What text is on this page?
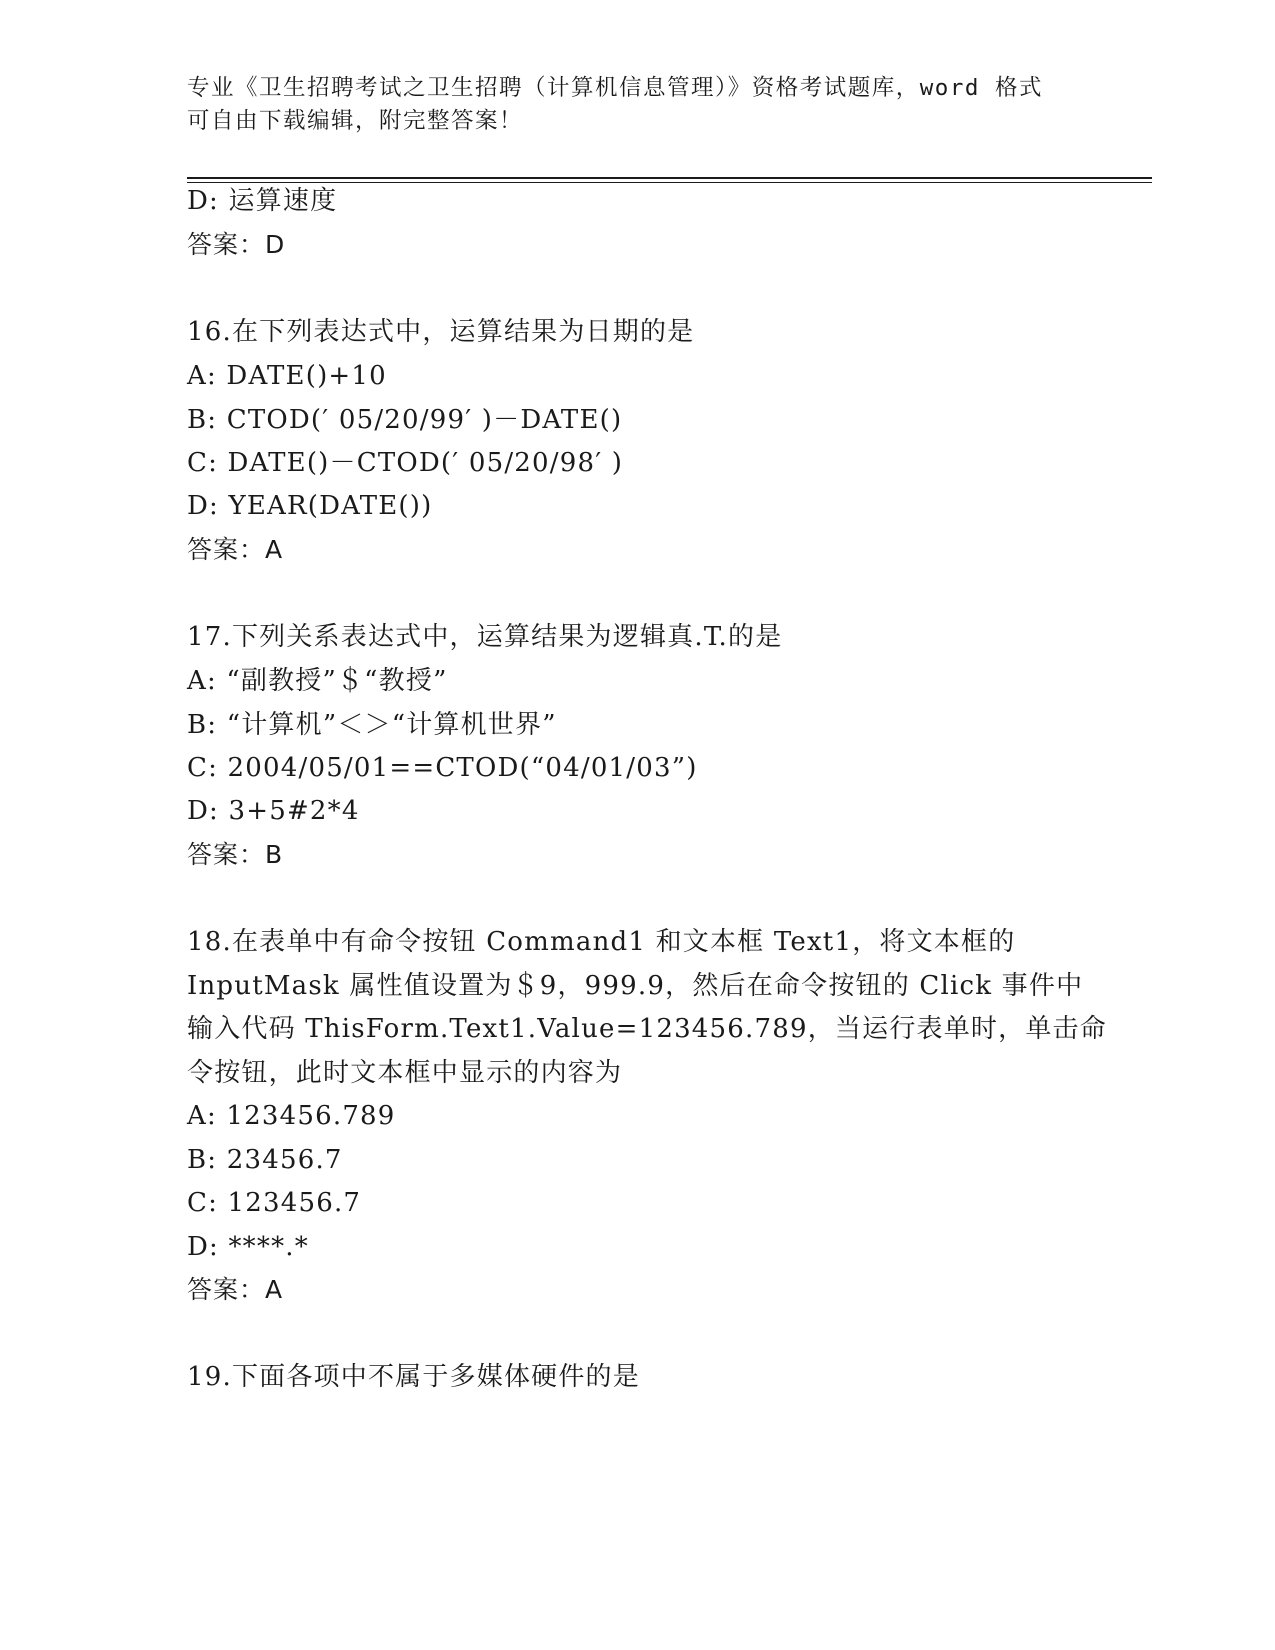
专业《卫生招聘考试之卫生招聘（计算机信息管理）》资格考试题库，word 格式

可自由下载编辑，附完整答案！

D: 运算速度

答案：D

16.在下列表达式中，运算结果为日期的是

A: DATE()+10

B: CTOD(′ 05/20/99′ )－DATE()

C: DATE()－CTOD(′ 05/20/98′ )

D: YEAR(DATE())

答案：A

17.下列关系表达式中，运算结果为逻辑真.T.的是

A: “副教授”＄“教授”

B: “计算机”＜＞“计算机世界”

C: 2004/05/01==CTOD(“04/01/03”)

D: 3+5#2*4

答案：B

18.在表单中有命令按钮 Command1 和文本框 Text1，将文本框的

InputMask 属性值设置为＄9，999.9，然后在命令按钮的 Click 事件中

输入代码 ThisForm.Text1.Value=123456.789，当运行表单时，单击命

令按钮，此时文本框中显示的内容为

A: 123456.789

B: 23456.7

C: 123456.7

D: ****.*

答案：A

19.下面各项中不属于多媒体硬件的是
